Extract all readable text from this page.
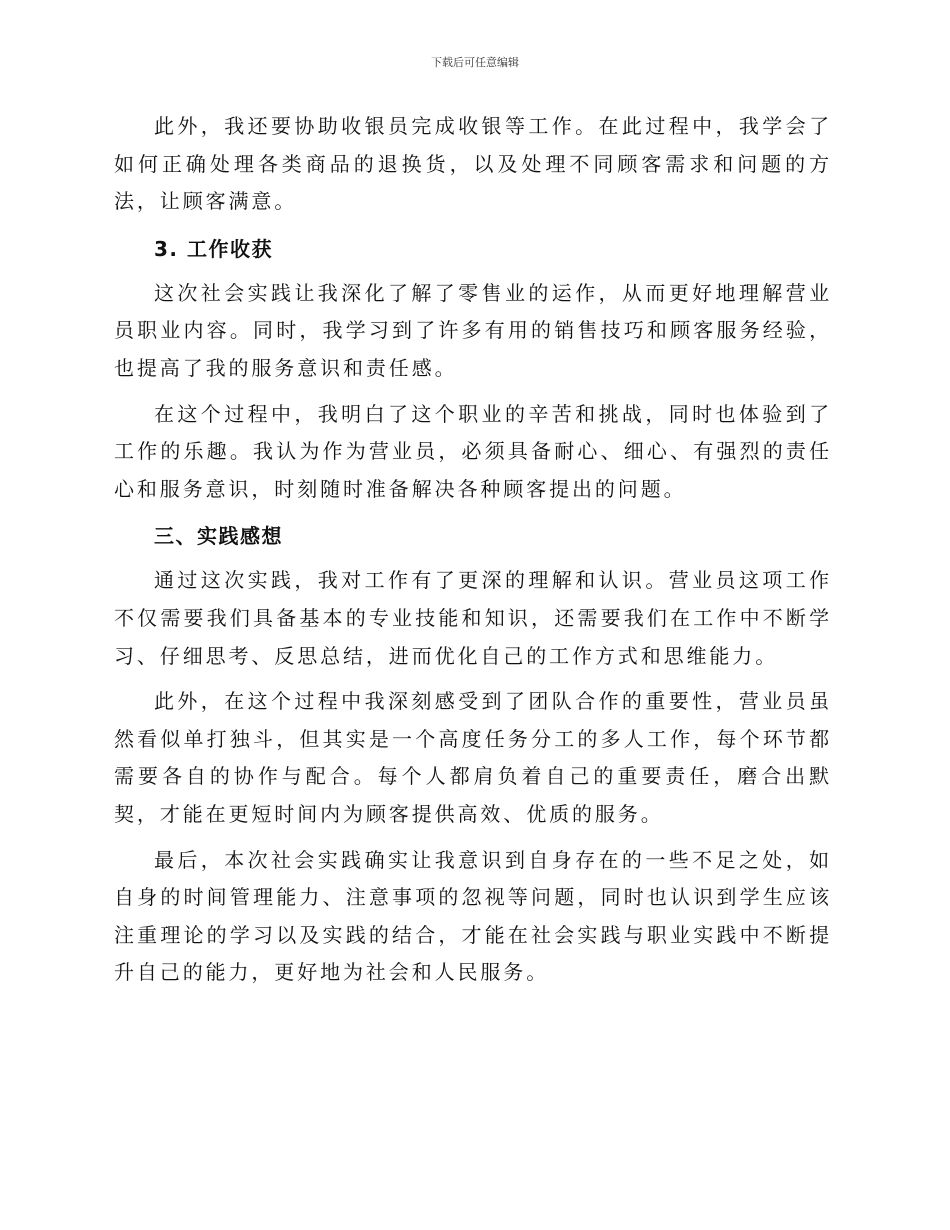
下载后可任意编辑

此外，我还要协助收银员完成收银等工作。在此过程中，我学会了如何正确处理各类商品的退换货，以及处理不同顾客需求和问题的方法，让顾客满意。

3. 工作收获

这次社会实践让我深化了解了零售业的运作，从而更好地理解营业员职业内容。同时，我学习到了许多有用的销售技巧和顾客服务经验，也提高了我的服务意识和责任感。

在这个过程中，我明白了这个职业的辛苦和挑战，同时也体验到了工作的乐趣。我认为作为营业员，必须具备耐心、细心、有强烈的责任心和服务意识，时刻随时准备解决各种顾客提出的问题。

三、实践感想

通过这次实践，我对工作有了更深的理解和认识。营业员这项工作不仅需要我们具备基本的专业技能和知识，还需要我们在工作中不断学习、仔细思考、反思总结，进而优化自己的工作方式和思维能力。

此外，在这个过程中我深刻感受到了团队合作的重要性，营业员虽然看似单打独斗，但其实是一个高度任务分工的多人工作，每个环节都需要各自的协作与配合。每个人都肩负着自己的重要责任，磨合出默契，才能在更短时间内为顾客提供高效、优质的服务。

最后，本次社会实践确实让我意识到自身存在的一些不足之处，如自身的时间管理能力、注意事项的忽视等问题，同时也认识到学生应该注重理论的学习以及实践的结合，才能在社会实践与职业实践中不断提升自己的能力，更好地为社会和人民服务。
